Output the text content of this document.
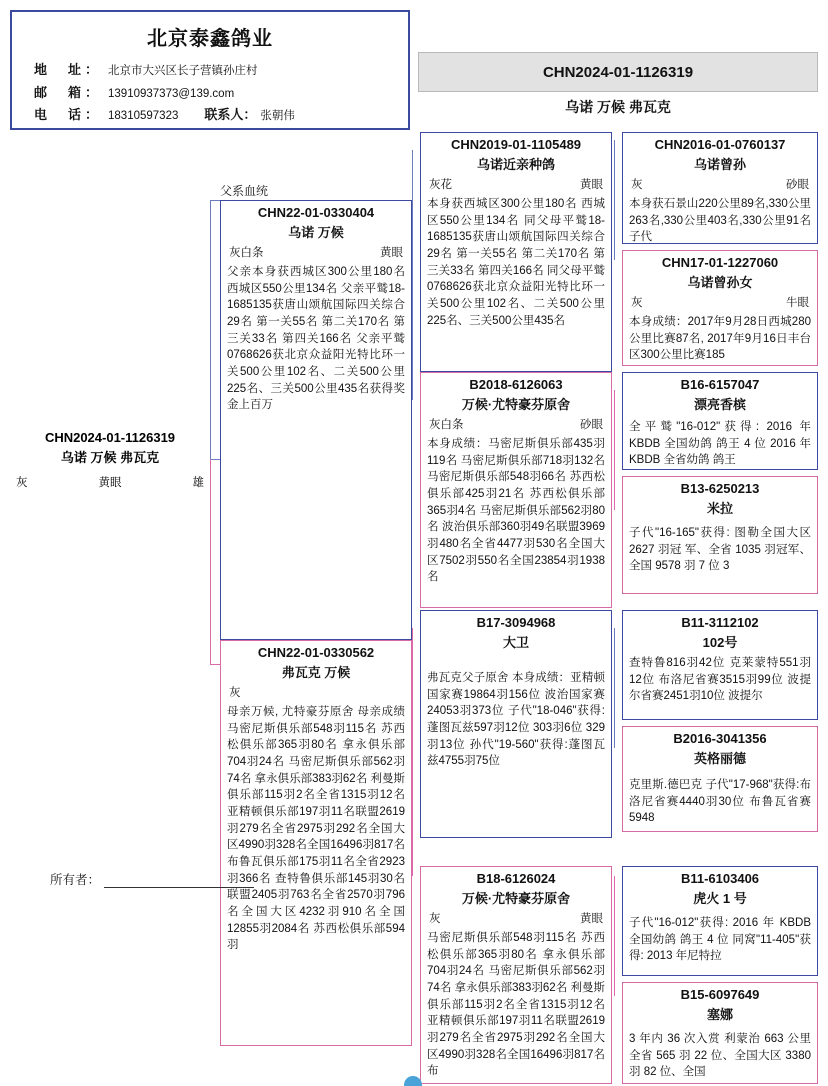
北京泰鑫鸽业
地　址： 北京市大兴区长子营镇孙庄村
邮　箱： 13910937373@139.com
电　话： 18310597323 联系人： 张朝伟
CHN2024-01-1126319
乌诺 万候 弗瓦克
父系血统
CHN2024-01-1126319
乌诺 万候 弗瓦克
灰	黄眼	雄
CHN22-01-0330404
乌诺 万候
灰白条	黄眼
父亲本身获西城区300公里180名 西城区550公里134名 父亲平鹫18-1685135获唐山颂航国际四关综合29名 第一关55名 第二关170名 第三关33名 第四关166名 父亲平鹫0768626获北京众益阳光特比环一关500公里102名、二关500公里225名、三关500公里435名获得奖金上百万
CHN22-01-0330562
弗瓦克 万候
灰
母亲万候, 尤特豪芬原舍 母亲成绩马密尼斯俱乐部548羽115名 苏西松俱乐部365羽80名 拿永俱乐部704羽24名 马密尼斯俱乐部562羽74名 拿永俱乐部383羽62名 利曼斯俱乐部115羽2名全省1315羽12名 亚精顿俱乐部197羽11名联盟2619羽279名全省2975羽292名全国大区4990羽328名全国16496羽817名 布鲁瓦俱乐部175羽11名全省2923羽366名 查特鲁俱乐部145羽30名联盟2405羽763名全省2570羽796名全国大区4232羽910名全国12855羽2084名 苏西松俱乐部594羽
CHN2019-01-1105489
乌诺近亲种鸽
灰花	黄眼
本身获西城区300公里180名 西城区550公里134名 同父母平鹫18-1685135获唐山颂航国际四关综合29名 第一关55名 第二关170名 第三关33名 第四关166名 同父母平鹫0768626获北京众益阳光特比环一关500公里102名、二关500公里225名、三关500公里435名
B2018-6126063
万候·尤特豪芬原舍
灰白条	砂眼
本身成绩：马密尼斯俱乐部435羽119名 马密尼斯俱乐部718羽132名 马密尼斯俱乐部548羽66名 苏西松俱乐部425羽21名 苏西松俱乐部365羽4名 马密尼斯俱乐部562羽80名 波治俱乐部360羽49名联盟3969羽480名全省4477羽530名全国大区7502羽550名全国23854羽1938名
B17-3094968
大卫
弗瓦克父子原舍 本身成绩：亚精顿国家赛19864羽156位 波治国家赛24053羽373位 子代"18-046"获得:蓬图瓦兹597羽12位 303羽6位 329羽13位 孙代"19-560"获得:蓬图瓦兹4755羽75位
B18-6126024
万候·尤特豪芬原舍
灰	黄眼
马密尼斯俱乐部548羽115名 苏西松俱乐部365羽80名 拿永俱乐部704羽24名 马密尼斯俱乐部562羽74名 拿永俱乐部383羽62名 利曼斯俱乐部115羽2名全省1315羽12名 亚精顿俱乐部197羽11名联盟2619羽279名全省2975羽292名全国大区4990羽328名全国16496羽817名 布
CHN2016-01-0760137
乌诺曾孙
灰	砂眼
本身获石景山220公里89名,330公里263名,330公里403名,330公里91名 子代
CHN17-01-1227060
乌诺曾孙女
灰	牛眼
本身成绩：2017年9月28日西城280公里比赛87名, 2017年9月16日丰台区300公里比赛185
B16-6157047
漂亮香槟
全平鹫"16-012"获得: 2016 年 KBDB 全国幼鸽 鸽王 4 位 2016 年 KBDB 全省幼鸽 鸽王
B13-6250213
米拉
子代"16-165"获得: 图勒全国大区 2627 羽冠 军、全省 1035 羽冠军、全国 9578 羽 7 位 3
B11-3112102
102号
查特鲁816羽42位 克莱蒙特551羽12位 布洛尼省赛3515羽99位 波提尔省赛2451羽10位 波提尔
B2016-3041356
英格丽德
克里斯.德巴克 子代"17-968"获得:布洛尼省赛4440羽30位 布鲁瓦省赛5948
B11-6103406
虎火 1 号
子代"16-012"获得: 2016 年 KBDB 全国幼鸽 鸽王 4 位 同窝"11-405"获得: 2013 年尼特拉
B15-6097649
塞娜
3 年内 36 次入赏 利蒙治 663 公里全省 565 羽 22 位、全国大区 3380 羽 82 位、全国
所有者：
